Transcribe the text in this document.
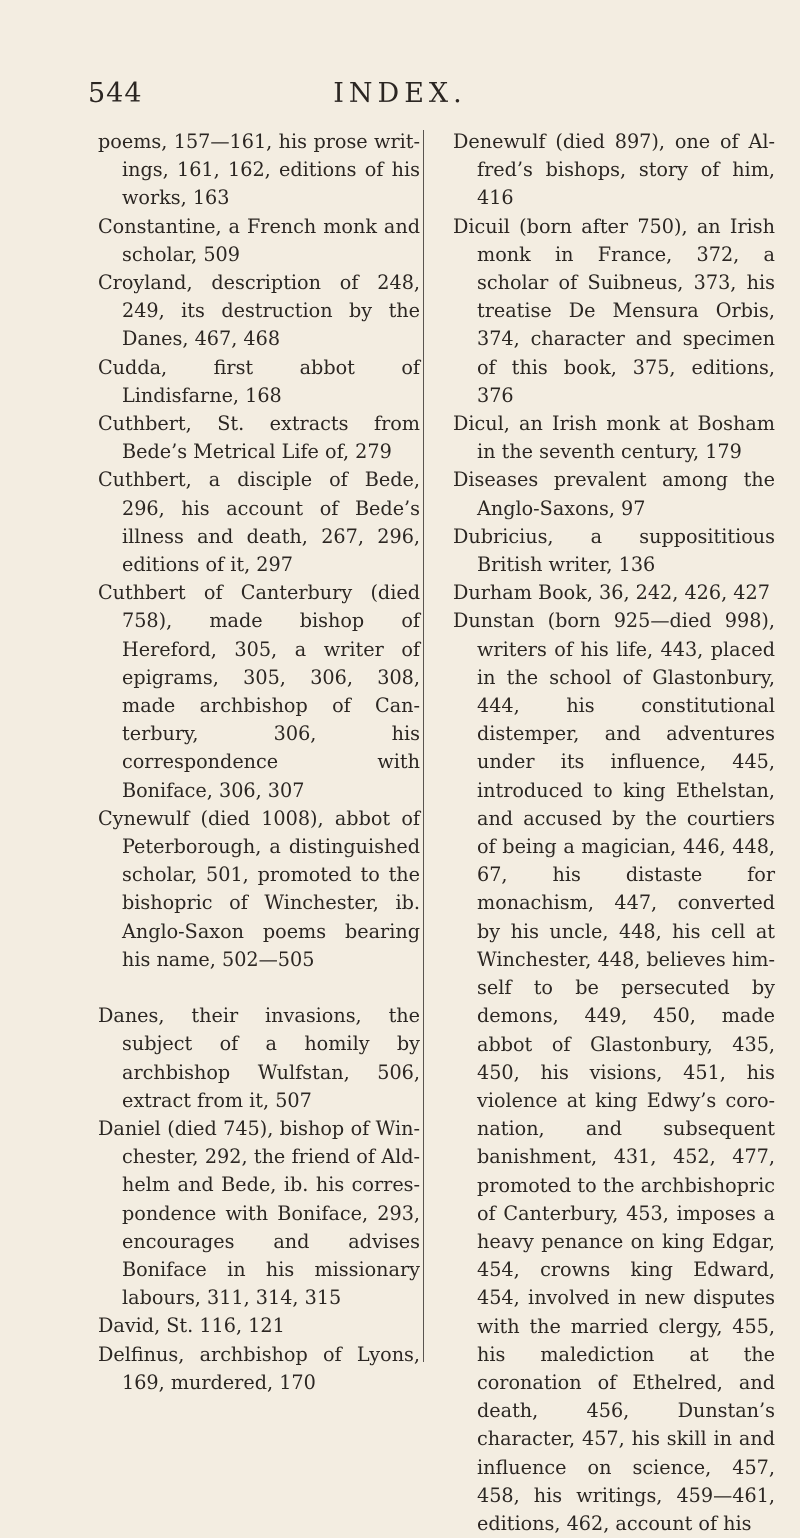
544	INDEX.

poems, 157—161, his prose writings, 161, 162, editions of his works, 163

Constantine, a French monk and scholar, 509

Croyland, description of 248, 249, its destruction by the Danes, 467, 468

Cudda, first abbot of Lindisfarne, 168

Cuthbert, St. extracts from Bede’s Metrical Life of, 279

Cuthbert, a disciple of Bede, 296, his account of Bede’s illness and death, 267, 296, editions of it, 297

Cuthbert of Canterbury (died 758), made bishop of Hereford, 305, a writer of epigrams, 305, 306, 308, made archbishop of Canterbury, 306, his correspondence with Boniface, 306, 307

Cynewulf (died 1008), abbot of Peterborough, a distinguished scholar, 501, promoted to the bishopric of Winchester, ib. Anglo-Saxon poems bearing his name, 502—505

Danes, their invasions, the subject of a homily by archbishop Wulfstan, 506, extract from it, 507

Daniel (died 745), bishop of Winchester, 292, the friend of Aldhelm and Bede, ib. his correspondence with Boniface, 293, encourages and advises Boniface in his missionary labours, 311, 314, 315

David, St. 116, 121

Delfinus, archbishop of Lyons, 169, murdered, 170

Denewulf (died 897), one of Alfred’s bishops, story of him, 416

Dicuil (born after 750), an Irish monk in France, 372, a scholar of Suibneus, 373, his treatise De Mensura Orbis, 374, character and specimen of this book, 375, editions, 376

Dicul, an Irish monk at Bosham in the seventh century, 179

Diseases prevalent among the Anglo-Saxons, 97

Dubricius, a supposititious British writer, 136

Durham Book, 36, 242, 426, 427

Dunstan (born 925—died 998), writers of his life, 443, placed in the school of Glastonbury, 444, his constitutional distemper, and adventures under its influence, 445, introduced to king Ethelstan, and accused by the courtiers of being a magician, 446, 448, 67, his distaste for monachism, 447, converted by his uncle, 448, his cell at Winchester, 448, believes himself to be persecuted by demons, 449, 450, made abbot of Glastonbury, 435, 450, his visions, 451, his violence at king Edwy’s coronation, and subsequent banishment, 431, 452, 477, promoted to the archbishopric of Canterbury, 453, imposes a heavy penance on king Edgar, 454, crowns king Edward, 454, involved in new disputes with the married clergy, 455, his malediction at the coronation of Ethelred, and death, 456, Dunstan’s character, 457, his skill in and influence on science, 457, 458, his writings, 459—461, editions, 462, account of his
